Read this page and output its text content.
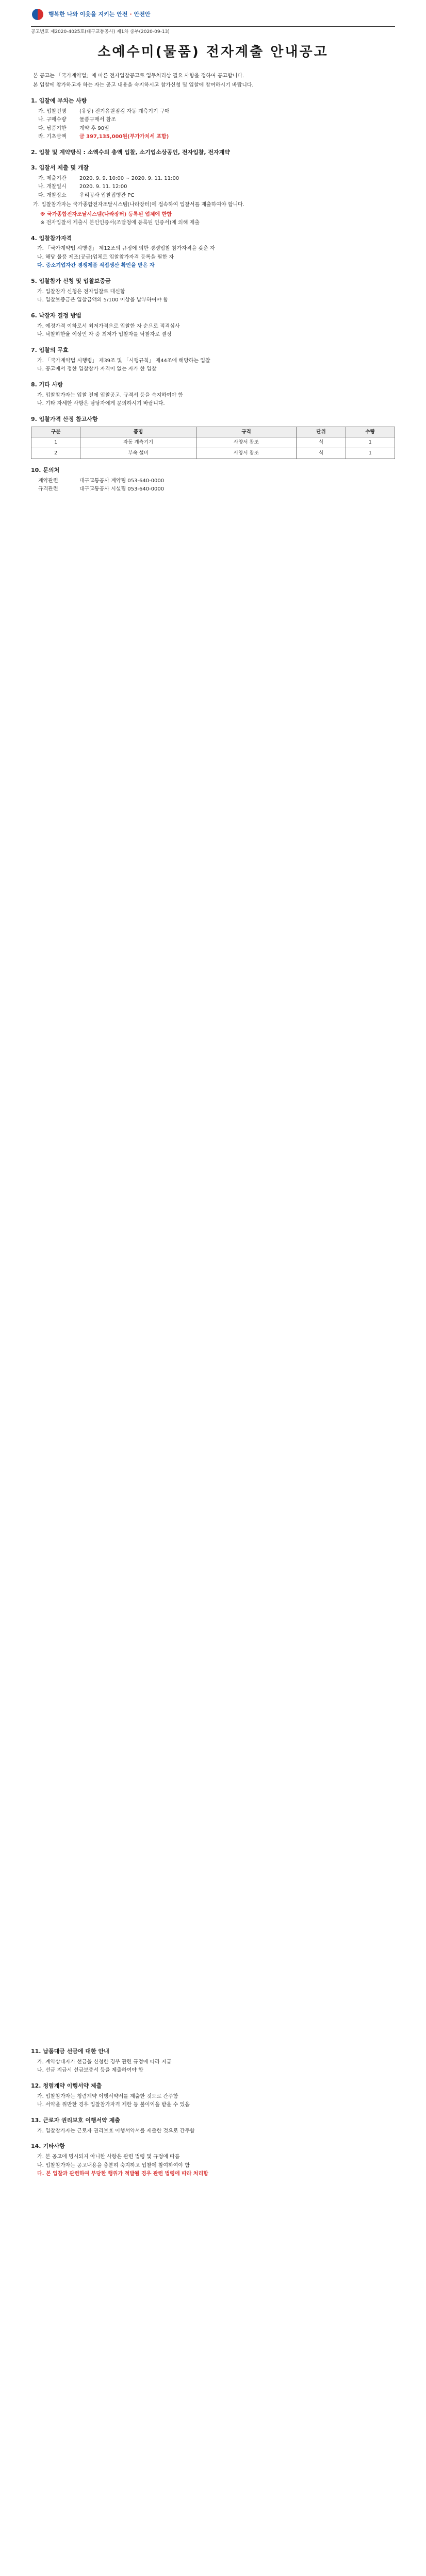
행복한 나와 이웃을 지키는 안전 · 안전안
공고번호 제2020-4025호(대구교통공사) 제1차 중부(2020-09-13)
소예수미(물품) 전자계출 안내공고
본 공고는 「국가계약법」에 따른 전자입찰공고로 업무처리상 필요 사항을 정하여 공고합니다.
본 입찰에 참가하고자 하는 자는 공고 내용을 숙지하시고 참가신청 및 입찰에 참여하시기 바랍니다.
1. 입찰에 부치는 사항
가. 입찰건명	(유상) 전기유원점검 자동 계측기기 구매
나. 구매수량	물품구매서 참조
다. 납품기한	계약 후 90일
라. 기초금액	금 397,135,000원(부가가치세 포함)
2. 입찰 및 계약방식 : 소액수의 총액 입찰, 소기업소상공인, 전자입찰, 전자계약
3. 입찰서 제출 및 개찰
가. 제출기간	2020. 9. 9. 10:00 ~ 2020. 9. 11. 11:00
나. 개찰일시	2020. 9. 11. 12:00
다. 개찰장소	우리공사 입찰집행관 PC
가. 입찰참가자는 국가종합전자조달시스템(나라장터)에 접속하여 입찰서를 제출하여야 합니다.
※ 국가종합전자조달시스템(나라장터) 등록된 업체에 한함
※ 전자입찰서 제출시 본인인증서(조달청에 등록된 인증서)에 의해 제출
4. 입찰참가자격
가. 「국가계약법 시행령」 제12조의 규정에 의한 경쟁입찰 참가자격을 갖춘 자
나. 해당 물품 제조(공급)업체로 입찰참가자격 등록을 필한 자
다. 중소기업자간 경쟁제품 직접생산 확인을 받은 자
5. 입찰참가 신청 및 입찰보증금
가. 입찰참가 신청은 전자입찰로 대신함
나. 입찰보증금은 입찰금액의 5/100 이상을 납부하여야 함
6. 낙찰자 결정 방법
가. 예정가격 이하로서 최저가격으로 입찰한 자 순으로 적격심사
나. 낙찰하한율 이상인 자 중 최저가 입찰자를 낙찰자로 결정
7. 입찰의 무효
가. 「국가계약법 시행령」 제39조 및 「시행규칙」 제44조에 해당하는 입찰
나. 공고에서 정한 입찰참가 자격이 없는 자가 한 입찰
8. 기타 사항
가. 입찰참가자는 입찰 전에 입찰공고, 규격서 등을 숙지하여야 함
나. 기타 자세한 사항은 담당자에게 문의하시기 바랍니다.
9. 입찰가격 산정 참고사항
구분	품명	규격	단위	수량
1	자동 계측기기	사양서 참조	식	1
2	부속 설비	사양서 참조	식	1
10. 문의처
계약관련	대구교통공사 계약팀 053-640-0000
규격관련	대구교통공사 시설팀 053-640-0000
11. 납품대금 선금에 대한 안내
가. 계약상대자가 선금을 신청한 경우 관련 규정에 따라 지급
나. 선금 지급시 선금보증서 등을 제출하여야 함
12. 청렴계약 이행서약 제출
가. 입찰참가자는 청렴계약 이행서약서를 제출한 것으로 간주함
나. 서약을 위반한 경우 입찰참가자격 제한 등 불이익을 받을 수 있음
13. 근로자 권리보호 이행서약 제출
가. 입찰참가자는 근로자 권리보호 이행서약서를 제출한 것으로 간주함
14. 기타사항
가. 본 공고에 명시되지 아니한 사항은 관련 법령 및 규정에 따름
나. 입찰참가자는 공고내용을 충분히 숙지하고 입찰에 참여하여야 함
다. 본 입찰과 관련하여 부당한 행위가 적발될 경우 관련 법령에 따라 처리함
